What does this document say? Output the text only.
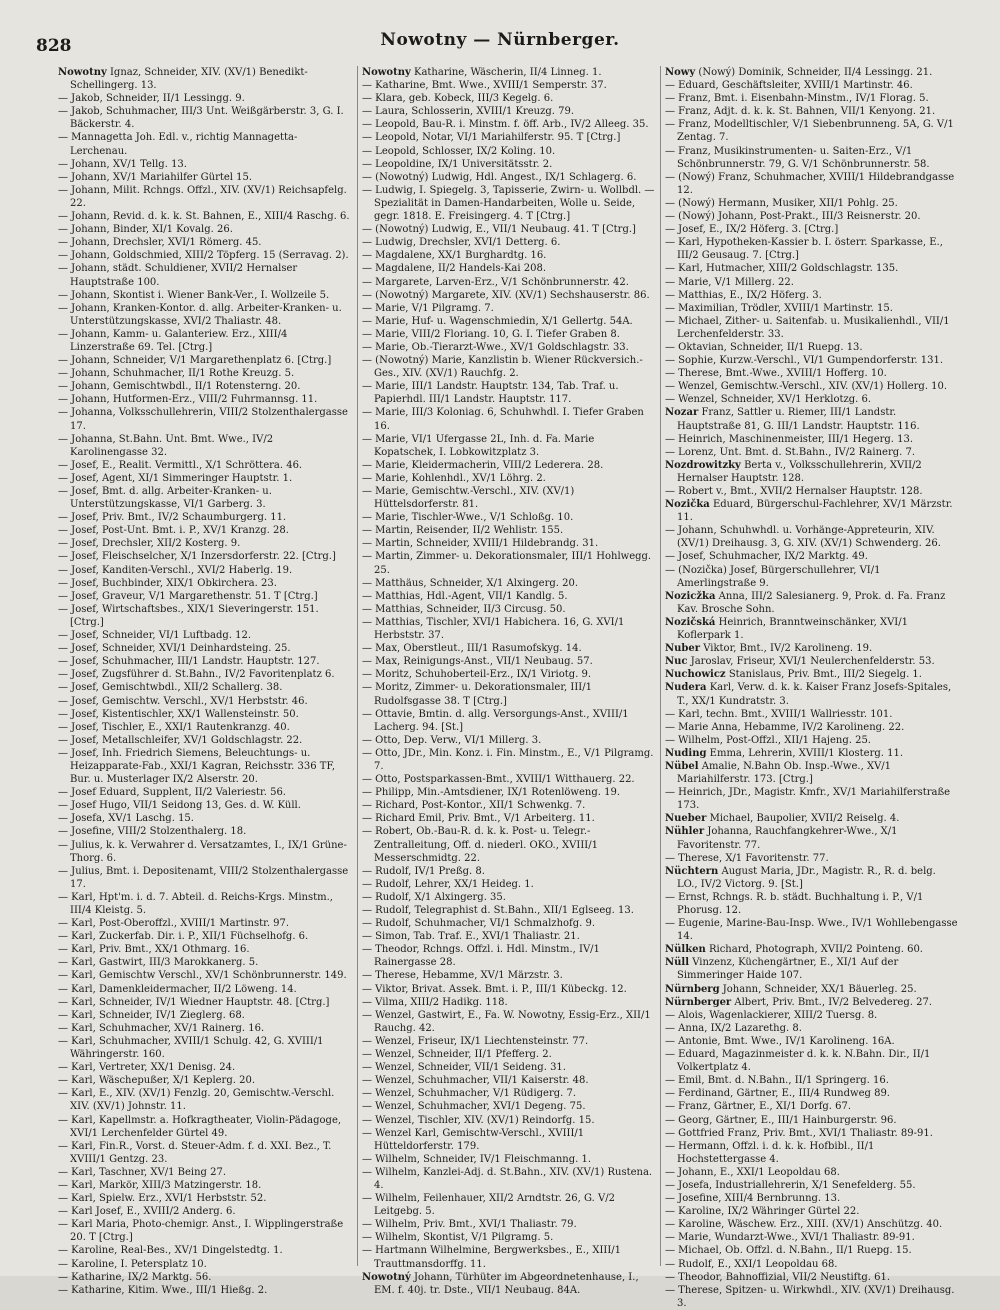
828	Nowotny — Nürnberger.
Nowotny Ignaz, Schneider, XIV. (XV/1) Benedikt-Schellingerg. 13.
— Jakob, Schneider, II/1 Lessingg. 9.
— Jakob, Schuhmacher, III/3 Unt. Weißgärberstr. 3, G. I. Bäckerstr. 4.
— Mannagetta Joh. Edl. v., richtig Mannagetta-Lerchenau.
— Johann, XV/1 Tellg. 13.
— Johann, XV/1 Mariahilfer Gürtel 15.
— Johann, Milit. Rchngs. Offzl., XIV. (XV/1) Reichsapfelg. 22.
— Johann, Revid. d. k. k. St. Bahnen, E., XIII/4 Raschg. 6.
— Johann, Binder, XI/1 Kovalg. 26.
— Johann, Drechsler, XVI/1 Römerg. 45.
— Johann, Goldschmied, XIII/2 Töpferg. 15 (Serravag. 2).
— Johann, städt. Schuldiener, XVII/2 Hernalser Hauptstraße 100.
— Johann, Skontist i. Wiener Bank-Ver., I. Wollzeile 5.
— Johann, Kranken-Kontor. d. allg. Arbeiter-Kranken- u. Unterstützungskasse, XVI/2 Thaliastr. 48.
— Johann, Kamm- u. Galanteriew. Erz., XIII/4 Linzerstraße 69. Tel. [Ctrg.]
— Johann, Schneider, V/1 Margarethenplatz 6. [Ctrg.]
— Johann, Schuhmacher, II/1 Rothe Kreuzg. 5.
— Johann, Gemischtwbdl., II/1 Rotensterng. 20.
— Johann, Hutformen-Erz., VIII/2 Fuhrmannsg. 11.
— Johanna, Volksschullehrerin, VIII/2 Stolzenthalergasse 17.
— Johanna, St.Bahn. Unt. Bmt. Wwe., IV/2 Karolinengasse 32.
— Josef, E., Realit. Vermittl., X/1 Schröttera. 46.
— Josef, Agent, XI/1 Simmeringer Hauptstr. 1.
— Josef, Bmt. d. allg. Arbeiter-Kranken- u. Unterstützungskasse, VI/1 Garberg. 3.
— Josef, Priv. Bmt., IV/2 Schaumburgerg. 11.
— Josef, Post-Unt. Bmt. i. P., XV/1 Kranzg. 28.
— Josef, Drechsler, XII/2 Kosterg. 9.
— Josef, Fleischselcher, X/1 Inzersdorferstr. 22. [Ctrg.]
— Josef, Kanditen-Verschl., XVI/2 Haberlg. 19.
— Josef, Buchbinder, XIX/1 Obkirchera. 23.
— Josef, Graveur, V/1 Margarethenstr. 51. T [Ctrg.]
— Josef, Wirtschaftsbes., XIX/1 Sieveringerstr. 151. [Ctrg.]
— Josef, Schneider, VI/1 Luftbadg. 12.
— Josef, Schneider, XVI/1 Deinhardsteing. 25.
— Josef, Schuhmacher, III/1 Landstr. Hauptstr. 127.
— Josef, Zugsführer d. St.Bahn., IV/2 Favoritenplatz 6.
— Josef, Gemischtwbdl., XII/2 Schallerg. 38.
— Josef, Gemischtw. Verschl., XV/1 Herbststr. 46.
— Josef, Kistentischler, XX/1 Wallensteinstr. 50.
— Josef, Tischler, E., XXI/1 Rautenkranzg. 40.
— Josef, Metallschleifer, XV/1 Goldschlagstr. 22.
— Josef, Inh. Friedrich Siemens, Beleuchtungs- u. Heizapparate-Fab., XXI/1 Kagran, Reichsstr. 336 TF, Bur. u. Musterlager IX/2 Alserstr. 20.
— Josef Eduard, Supplent, II/2 Valeriestr. 56.
— Josef Hugo, VII/1 Seidong 13, Ges. d. W. Küll.
— Josefa, XV/1 Laschg. 15.
— Josefine, VIII/2 Stolzenthalerg. 18.
— Julius, k. k. Verwahrer d. Versatzamtes, I., IX/1 Grüne-Thorg. 6.
— Julius, Bmt. i. Depositenamt, VIII/2 Stolzenthalergasse 17.
— Karl, Hpt'm. i. d. 7. Abteil. d. Reichs-Krgs. Minstm., III/4 Kleistg. 5.
— Karl, Post-Oberoffzl., XVIII/1 Martinstr. 97.
— Karl, Zuckerfab. Dir. i. P., XII/1 Füchselhofg. 6.
— Karl, Priv. Bmt., XX/1 Othmarg. 16.
— Karl, Gastwirt, III/3 Marokkanerg. 5.
— Karl, Gemischtw Verschl., XV/1 Schönbrunnerstr. 149.
— Karl, Damenkleidermacher, II/2 Löweng. 14.
— Karl, Schneider, IV/1 Wiedner Hauptstr. 48. [Ctrg.]
— Karl, Schneider, IV/1 Zieglerg. 68.
— Karl, Schuhmacher, XV/1 Rainerg. 16.
— Karl, Schuhmacher, XVIII/1 Schulg. 42, G. XVIII/1 Währingerstr. 160.
— Karl, Vertreter, XX/1 Denisg. 24.
— Karl, Wäschepußer, X/1 Keplerg. 20.
— Karl, E., XIV. (XV/1) Fenzlg. 20, Gemischtw.-Verschl. XIV. (XV/1) Johnstr. 11.
— Karl, Kapellmstr. a. Hofkragtheater, Violin-Pädagoge, XVI/1 Lerchenfelder Gürtel 49.
— Karl, Fin.R., Vorst. d. Steuer-Adm. f. d. XXI. Bez., T. XVIII/1 Gentzg. 23.
— Karl, Taschner, XV/1 Being 27.
— Karl, Markör, XIII/3 Matzingerstr. 18.
— Karl, Spielw. Erz., XVI/1 Herbststr. 52.
— Karl Josef, E., XVIII/2 Anderg. 6.
— Karl Maria, Photo-chemigr. Anst., I. Wipplingerstraße 20. T [Ctrg.]
— Karoline, Real-Bes., XV/1 Dingelstedtg. 1.
— Karoline, I. Petersplatz 10.
— Katharine, IX/2 Marktg. 56.
— Katharine, Kitim. Wwe., III/1 Hießg. 2.
Nowotny Katharine, Wäscherin, II/4 Linneg. 1.
— Katharine, Bmt. Wwe., XVIII/1 Semperstr. 37.
— Klara, geb. Kobeck, III/3 Kegelg. 6.
— Laura, Schlosserin, XVIII/1 Kreuzg. 79.
— Leopold, Bau-R. i. Minstm. f. öff. Arb., IV/2 Alleeg. 35.
— Leopold, Notar, VI/1 Mariahilferstr. 95. T [Ctrg.]
— Leopold, Schlosser, IX/2 Koling. 10.
— Leopoldine, IX/1 Universitätsstr. 2.
— (Nowotný) Ludwig, Hdl. Angest., IX/1 Schlagerg. 6.
— Ludwig, I. Spiegelg. 3, Tapisserie, Zwirn- u. Wollbdl. — Spezialität in Damen-Handarbeiten, Wolle u. Seide, gegr. 1818. E. Freisingerg. 4. T [Ctrg.]
— (Nowotný) Ludwig, E., VII/1 Neubaug. 41. T [Ctrg.]
— Ludwig, Drechsler, XVI/1 Detterg. 6.
— Magdalene, XX/1 Burghardtg. 16.
— Magdalene, II/2 Handels-Kai 208.
— Margarete, Larven-Erz., V/1 Schönbrunnerstr. 42.
— (Nowotný) Margarete, XIV. (XV/1) Sechshauserstr. 86.
— Marie, V/1 Pilgramg. 7.
— Marie, Huf- u. Wagenschmiedin, X/1 Gellertg. 54A.
— Marie, VIII/2 Floriang. 10, G. I. Tiefer Graben 8.
— Marie, Ob.-Tierarzt-Wwe., XV/1 Goldschlagstr. 33.
— (Nowotný) Marie, Kanzlistin b. Wiener Rückversich.-Ges., XIV. (XV/1) Rauchfg. 2.
— Marie, III/1 Landstr. Hauptstr. 134, Tab. Traf. u. Papierhdl. III/1 Landstr. Hauptstr. 117.
— Marie, III/3 Koloniag. 6, Schuhwhdl. I. Tiefer Graben 16.
— Marie, VI/1 Ufergasse 2L, Inh. d. Fa. Marie Kopatschek, I. Lobkowitzplatz 3.
— Marie, Kleidermacherin, VIII/2 Lederera. 28.
— Marie, Kohlenhdl., XV/1 Löhrg. 2.
— Marie, Gemischtw.-Verschl., XIV. (XV/1) Hüttelsdorferstr. 81.
— Marie, Tischler-Wwe., V/1 Schloßg. 10.
— Martin, Reisender, II/2 Wehlistr. 155.
— Martin, Schneider, XVIII/1 Hildebrandg. 31.
— Martin, Zimmer- u. Dekorationsmaler, III/1 Hohlwegg. 25.
— Matthäus, Schneider, X/1 Alxingerg. 20.
— Matthias, Hdl.-Agent, VII/1 Kandlg. 5.
— Matthias, Schneider, II/3 Circusg. 50.
— Matthias, Tischler, XVI/1 Habichera. 16, G. XVI/1 Herbststr. 37.
— Max, Oberstleut., III/1 Rasumofskyg. 14.
— Max, Reinigungs-Anst., VII/1 Neubaug. 57.
— Moritz, Schuhoberteil-Erz., IX/1 Viriotg. 9.
— Moritz, Zimmer- u. Dekorationsmaler, III/1 Rudolfsgasse 38. T [Ctrg.]
— Ottavie, Bmtin. d. allg. Versorgungs-Anst., XVIII/1 Lacherg. 94. [St.]
— Otto, Dep. Verw., VI/1 Millerg. 3.
— Otto, JDr., Min. Konz. i. Fin. Minstm., E., V/1 Pilgramg. 7.
— Otto, Postsparkassen-Bmt., XVIII/1 Witthauerg. 22.
— Philipp, Min.-Amtsdiener, IX/1 Rotenlöweng. 19.
— Richard, Post-Kontor., XII/1 Schwenkg. 7.
— Richard Emil, Priv. Bmt., V/1 Arbeiterg. 11.
— Robert, Ob.-Bau-R. d. k. k. Post- u. Telegr.-Zentralleitung, Off. d. niederl. OKO., XVIII/1 Messerschmidtg. 22.
— Rudolf, IV/1 Preßg. 8.
— Rudolf, Lehrer, XX/1 Heideg. 1.
— Rudolf, X/1 Alxingerg. 35.
— Rudolf, Telegraphist d. St.Bahn., XII/1 Eglseeg. 13.
— Rudolf, Schuhmacher, VI/1 Schmalzhofg. 9.
— Simon, Tab. Traf. E., XVI/1 Thaliastr. 21.
— Theodor, Rchngs. Offzl. i. Hdl. Minstm., IV/1 Rainergasse 28.
— Therese, Hebamme, XV/1 Märzstr. 3.
— Viktor, Brivat. Assek. Bmt. i. P., III/1 Kübeckg. 12.
— Vilma, XIII/2 Hadikg. 118.
— Wenzel, Gastwirt, E., Fa. W. Nowotny, Essig-Erz., XII/1 Rauchg. 42.
— Wenzel, Friseur, IX/1 Liechtensteinstr. 77.
— Wenzel, Schneider, II/1 Pfefferg. 2.
— Wenzel, Schneider, VII/1 Seideng. 31.
— Wenzel, Schuhmacher, VII/1 Kaiserstr. 48.
— Wenzel, Schuhmacher, V/1 Rüdigerg. 7.
— Wenzel, Schuhmacher, XVI/1 Degeng. 75.
— Wenzel, Tischler, XIV. (XV/1) Reindorfg. 15.
— Wenzel Karl, Gemischtw-Verschl., XVIII/1 Hütteldorferstr. 179.
— Wilhelm, Schneider, IV/1 Fleischmanng. 1.
— Wilhelm, Kanzlei-Adj. d. St.Bahn., XIV. (XV/1) Rustena. 4.
— Wilhelm, Feilenhauer, XII/2 Arndtstr. 26, G. V/2 Leitgebg. 5.
— Wilhelm, Priv. Bmt., XVI/1 Thaliastr. 79.
— Wilhelm, Skontist, V/1 Pilgramg. 5.
— Hartmann Wilhelmine, Bergwerksbes., E., XIII/1 Trauttmansdorffg. 11.
Nowotný Johann, Türhüter im Abgeordnetenhause, I., EM. f. 40j. tr. Dste., VII/1 Neubaug. 84A.
Nowy (Nowý) Dominik, Schneider, II/4 Lessingg. 21.
— Eduard, Geschäftsleiter, XVIII/1 Martinstr. 46.
— Franz, Bmt. i. Eisenbahn-Minstm., IV/1 Florag. 5.
— Franz, Adjt. d. k. k. St. Bahnen, VII/1 Kenyong. 21.
— Franz, Modelltischler, V/1 Siebenbrunneng. 5A, G. V/1 Zentag. 7.
— Franz, Musikinstrumenten- u. Saiten-Erz., V/1 Schönbrunnerstr. 79, G. V/1 Schönbrunnerstr. 58.
— (Nowý) Franz, Schuhmacher, XVIII/1 Hildebrandgasse 12.
— (Nowý) Hermann, Musiker, XII/1 Pohlg. 25.
— (Nowý) Johann, Post-Prakt., III/3 Reisnerstr. 20.
— Josef, E., IX/2 Höferg. 3. [Ctrg.]
— Karl, Hypotheken-Kassier b. I. österr. Sparkasse, E., III/2 Geusaug. 7. [Ctrg.]
— Karl, Hutmacher, XIII/2 Goldschlagstr. 135.
— Marie, V/1 Millerg. 22.
— Matthias, E., IX/2 Höferg. 3.
— Maximilian, Trödler, XVIII/1 Martinstr. 15.
— Michael, Zither- u. Saitenfab. u. Musikalienhdl., VII/1 Lerchenfelderstr. 33.
— Oktavian, Schneider, II/1 Ruepg. 13.
— Sophie, Kurzw.-Verschl., VI/1 Gumpendorferstr. 131.
— Therese, Bmt.-Wwe., XVIII/1 Hofferg. 10.
— Wenzel, Gemischtw.-Verschl., XIV. (XV/1) Hollerg. 10.
— Wenzel, Schneider, XV/1 Herklotzg. 6.
Nozar Franz, Sattler u. Riemer, III/1 Landstr. Hauptstraße 81, G. III/1 Landstr. Hauptstr. 116.
— Heinrich, Maschinenmeister, III/1 Hegerg. 13.
— Lorenz, Unt. Bmt. d. St.Bahn., IV/2 Rainerg. 7.
Nozdrowitzky Berta v., Volksschullehrerin, XVII/2 Hernalser Hauptstr. 128.
— Robert v., Bmt., XVII/2 Hernalser Hauptstr. 128.
Nozička Eduard, Bürgerschul-Fachlehrer, XV/1 Märzstr. 11.
— Johann, Schuhwhdl. u. Vorhänge-Appreteurin, XIV. (XV/1) Dreihausg. 3, G. XIV. (XV/1) Schwenderg. 26.
— Josef, Schuhmacher, IX/2 Marktg. 49.
— (Nozička) Josef, Bürgerschullehrer, VI/1 Amerlingstraße 9.
Nozicžka Anna, III/2 Salesianerg. 9, Prok. d. Fa. Franz Kav. Brosche Sohn.
Nozičská Heinrich, Branntweinschänker, XVI/1 Koflerpark 1.
Nuber Viktor, Bmt., IV/2 Karolineng. 19.
Nuc Jaroslav, Friseur, XVI/1 Neulerchenfelderstr. 53.
Nuchowicz Stanislaus, Priv. Bmt., III/2 Siegelg. 1.
Nudera Karl, Verw. d. k. k. Kaiser Franz Josefs-Spitales, T., XX/1 Kundratstr. 3.
— Karl, techn. Bmt., XVIII/1 Wallriesstr. 101.
— Marie Anna, Hebamme, IV/2 Karolineng. 22.
— Wilhelm, Post-Offzl., XII/1 Hajeng. 25.
Nuding Emma, Lehrerin, XVIII/1 Klosterg. 11.
Nübel Amalie, N.Bahn Ob. Insp.-Wwe., XV/1 Mariahilferstr. 173. [Ctrg.]
— Heinrich, JDr., Magistr. Kmfr., XV/1 Mariahilferstraße 173.
Nueber Michael, Baupolier, XVII/2 Reiselg. 4.
Nühler Johanna, Rauchfangkehrer-Wwe., X/1 Favoritenstr. 77.
— Therese, X/1 Favoritenstr. 77.
Nüchtern August Maria, JDr., Magistr. R., R. d. belg. LO., IV/2 Victorg. 9. [St.]
— Ernst, Rchngs. R. b. städt. Buchhaltung i. P., V/1 Phorusg. 12.
— Eugenie, Marine-Bau-Insp. Wwe., IV/1 Wohllebengasse 14.
Nülken Richard, Photograph, XVII/2 Pointeng. 60.
Nüll Vinzenz, Küchengärtner, E., XI/1 Auf der Simmeringer Haide 107.
Nürnberg Johann, Schneider, XX/1 Bäuerleg. 25.
Nürnberger Albert, Priv. Bmt., IV/2 Belvedereg. 27.
— Alois, Wagenlackierer, XIII/2 Tuersg. 8.
— Anna, IX/2 Lazarethg. 8.
— Antonie, Bmt. Wwe., IV/1 Karolineng. 16A.
— Eduard, Magazinmeister d. k. k. N.Bahn. Dir., II/1 Volkertplatz 4.
— Emil, Bmt. d. N.Bahn., II/1 Springerg. 16.
— Ferdinand, Gärtner, E., III/4 Rundweg 89.
— Franz, Gärtner, E., XI/1 Dorfg. 67.
— Georg, Gärtner, E., III/1 Hainburgerstr. 96.
— Gottfried Franz, Priv. Bmt., XVI/1 Thaliastr. 89-91.
— Hermann, Offzl. i. d. k. k. Hofbibl., II/1 Hochstettergasse 4.
— Johann, E., XXI/1 Leopoldau 68.
— Josefa, Industriallehrerin, X/1 Senefelderg. 55.
— Josefine, XIII/4 Bernbrunng. 13.
— Karoline, IX/2 Währinger Gürtel 22.
— Karoline, Wäschew. Erz., XIII. (XV/1) Anschützg. 40.
— Marie, Wundarzt-Wwe., XVI/1 Thaliastr. 89-91.
— Michael, Ob. Offzl. d. N.Bahn., II/1 Ruepg. 15.
— Rudolf, E., XXI/1 Leopoldau 68.
— Theodor, Bahnoffizial, VII/2 Neustiftg. 61.
— Therese, Spitzen- u. Wirkwhdl., XIV. (XV/1) Dreihausg. 3.
